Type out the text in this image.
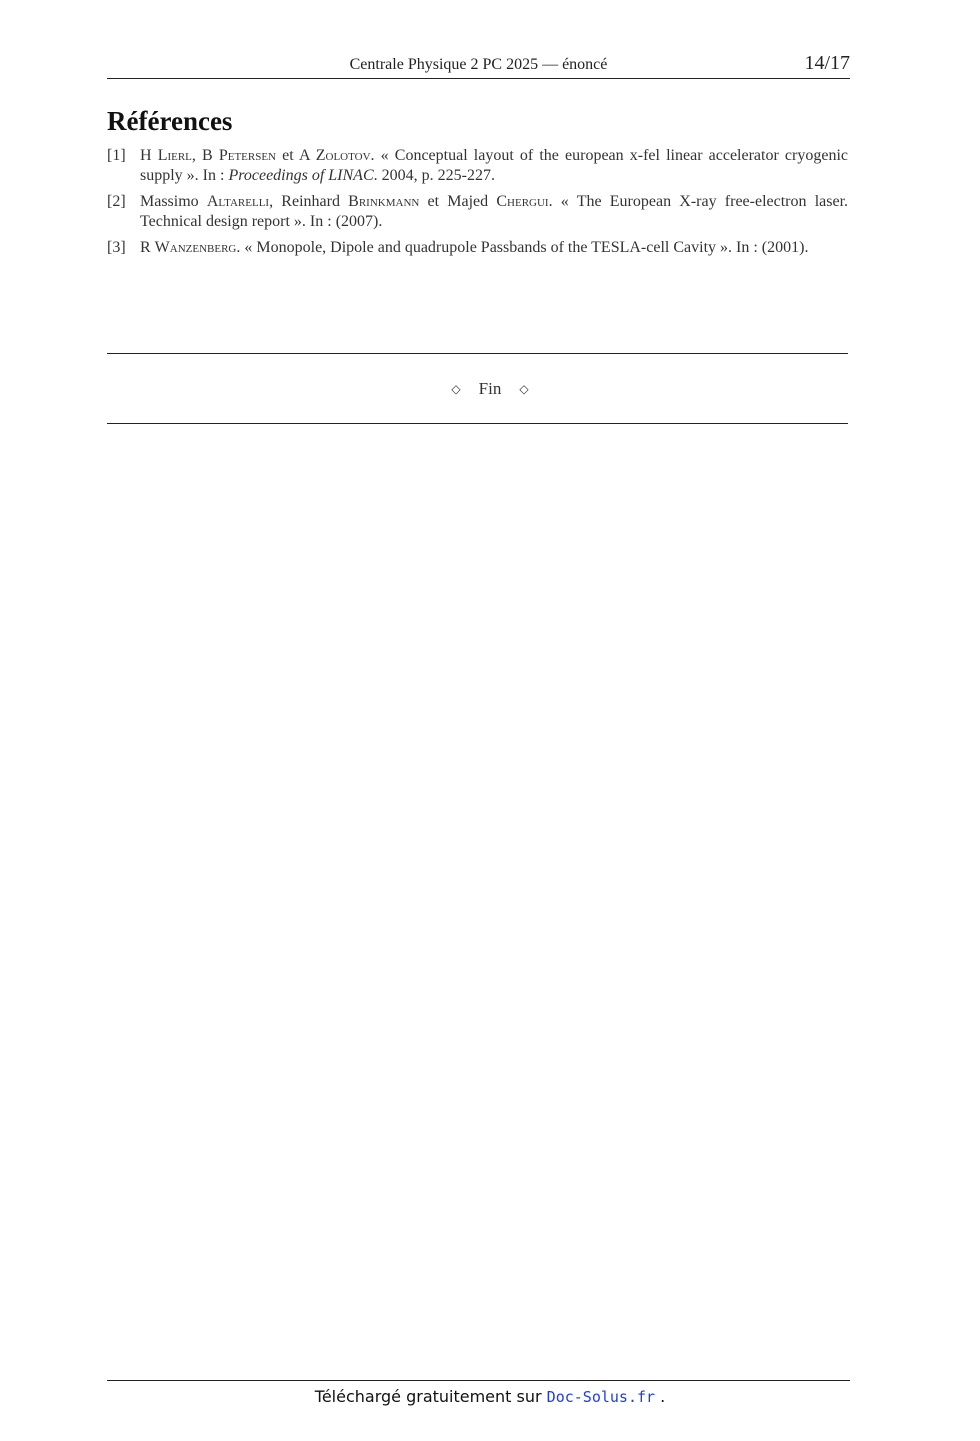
Centrale Physique 2 PC 2025 — énoncé	14/17
Références
[1] H Lierl, B Petersen et A Zolotov. « Conceptual layout of the european x-fel linear accelerator cryogenic supply ». In : Proceedings of LINAC. 2004, p. 225-227.
[2] Massimo Altarelli, Reinhard Brinkmann et Majed Chergui. « The European X-ray free-electron laser. Technical design report ». In : (2007).
[3] R Wanzenberg. « Monopole, Dipole and quadrupole Passbands of the TESLA-cell Cavity ». In : (2001).
◇ Fin ◇
Téléchargé gratuitement sur Doc-Solus.fr .
